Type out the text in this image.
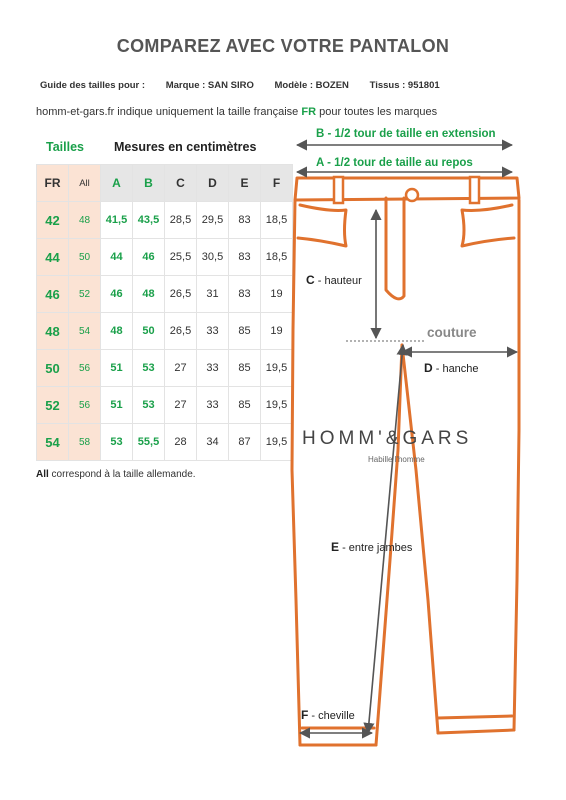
COMPAREZ AVEC VOTRE PANTALON
Guide des tailles pour : Marque : SAN SIRO Modèle : BOZEN Tissus : 951801
homm-et-gars.fr indique uniquement la taille française FR pour toutes les marques
Tailles Mesures en centimètres
FR	All	A	B	C	D	E	F
42	48	41,5	43,5	28,5	29,5	83	18,5
44	50	44	46	25,5	30,5	83	18,5
46	52	46	48	26,5	31	83	19
48	54	48	50	26,5	33	85	19
50	56	51	53	27	33	85	19,5
52	56	51	53	27	33	85	19,5
54	58	53	55,5	28	34	87	19,5
All correspond à la taille allemande.
B - 1/2 tour de taille en extension
A - 1/2 tour de taille au repos
C - hauteur
couture
D - hanche
HOMM'&GARS
Habille l'homme
E - entre jambes
F - cheville
